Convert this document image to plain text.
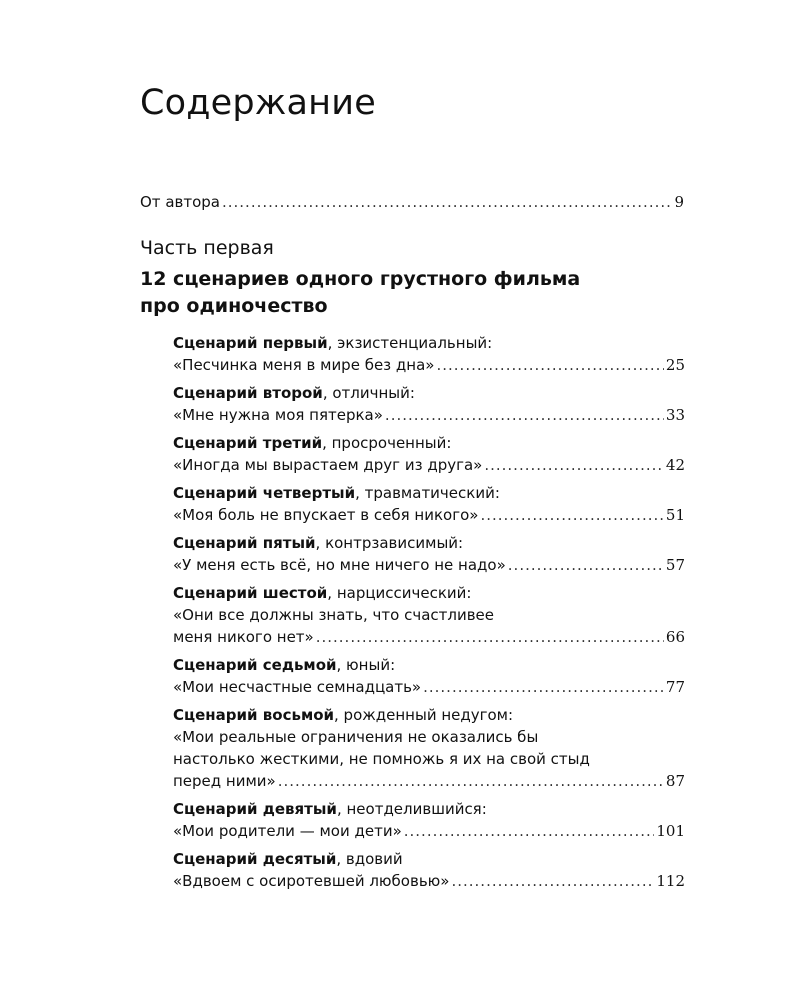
Содержание
От автора .....	9

Часть первая

12 сценариев одного грустного фильма
про одиночество
Сценарий первый, экзистенциальный:
«Песчинка меня в мире без дна» .....	25
Сценарий второй, отличный:
«Мне нужна моя пятерка» .....	33
Сценарий третий, просроченный:
«Иногда мы вырастаем друг из друга» .....	42
Сценарий четвертый, травматический:
«Моя боль не впускает в себя никого» .....	51
Сценарий пятый, контрзависимый:
«У меня есть всё, но мне ничего не надо» .....	57
Сценарий шестой, нарциссический:
«Они все должны знать, что счастливее
меня никого нет» .....	66
Сценарий седьмой, юный:
«Мои несчастные семнадцать» .....	77
Сценарий восьмой, рожденный недугом:
«Мои реальные ограничения не оказались бы
настолько жесткими, не помножь я их на свой стыд
перед ними» .....	87
Сценарий девятый, неотделившийся:
«Мои родители — мои дети» .....	101
Сценарий десятый, вдовий
«Вдвоем с осиротевшей любовью» .....	112
